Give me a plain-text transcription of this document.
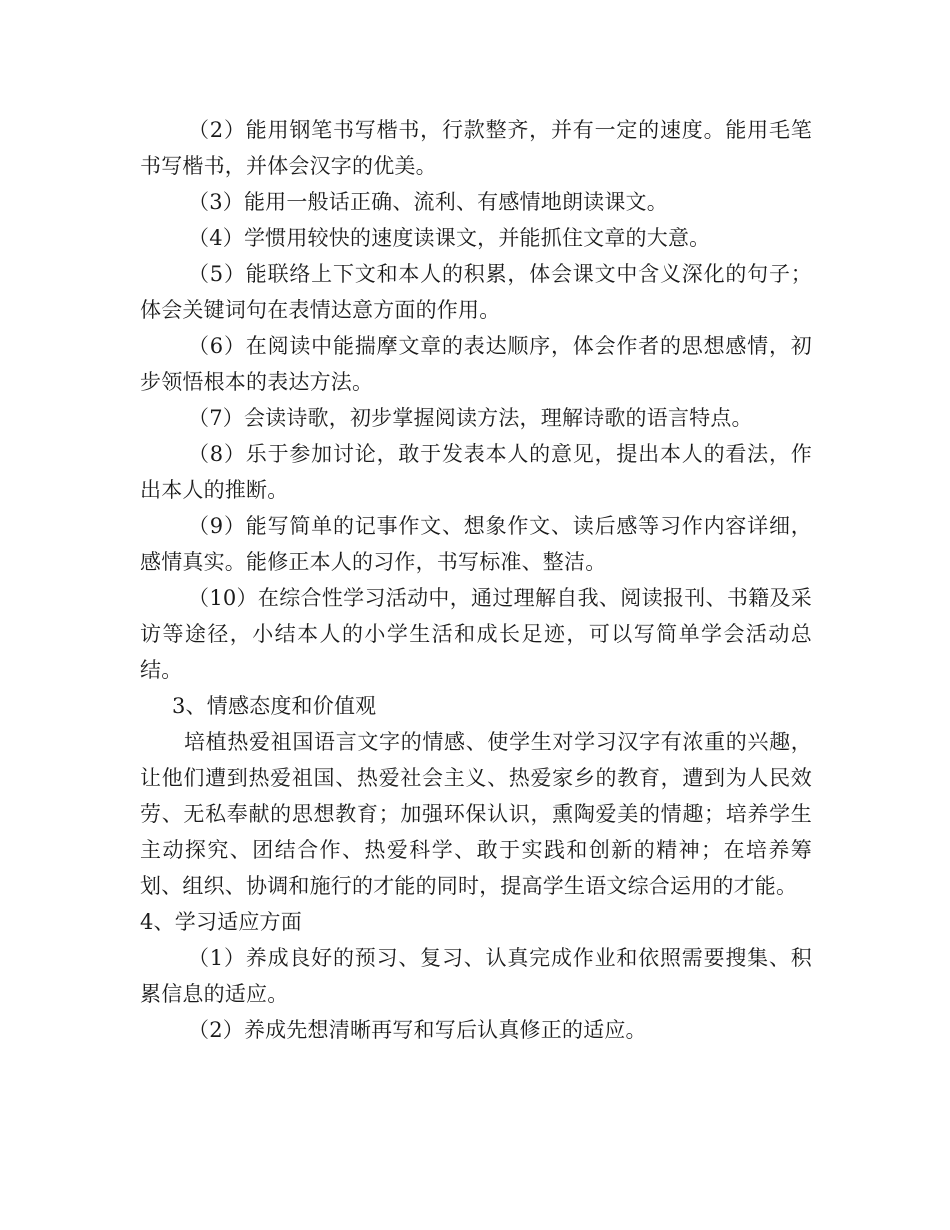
（2）能用钢笔书写楷书，行款整齐，并有一定的速度。能用毛笔书写楷书，并体会汉字的优美。

（3）能用一般话正确、流利、有感情地朗读课文。

（4）学惯用较快的速度读课文，并能抓住文章的大意。

（5）能联络上下文和本人的积累，体会课文中含义深化的句子；体会关键词句在表情达意方面的作用。

（6）在阅读中能揣摩文章的表达顺序，体会作者的思想感情，初步领悟根本的表达方法。

（7）会读诗歌，初步掌握阅读方法，理解诗歌的语言特点。

（8）乐于参加讨论，敢于发表本人的意见，提出本人的看法，作出本人的推断。

（9）能写简单的记事作文、想象作文、读后感等习作内容详细，感情真实。能修正本人的习作，书写标准、整洁。

（10）在综合性学习活动中，通过理解自我、阅读报刊、书籍及采访等途径，小结本人的小学生活和成长足迹，可以写简单学会活动总结。

3、情感态度和价值观

培植热爱祖国语言文字的情感、使学生对学习汉字有浓重的兴趣，让他们遭到热爱祖国、热爱社会主义、热爱家乡的教育，遭到为人民效劳、无私奉献的思想教育；加强环保认识，熏陶爱美的情趣；培养学生主动探究、团结合作、热爱科学、敢于实践和创新的精神；在培养筹划、组织、协调和施行的才能的同时，提高学生语文综合运用的才能。

4、学习适应方面

（1）养成良好的预习、复习、认真完成作业和依照需要搜集、积累信息的适应。

（2）养成先想清晰再写和写后认真修正的适应。
